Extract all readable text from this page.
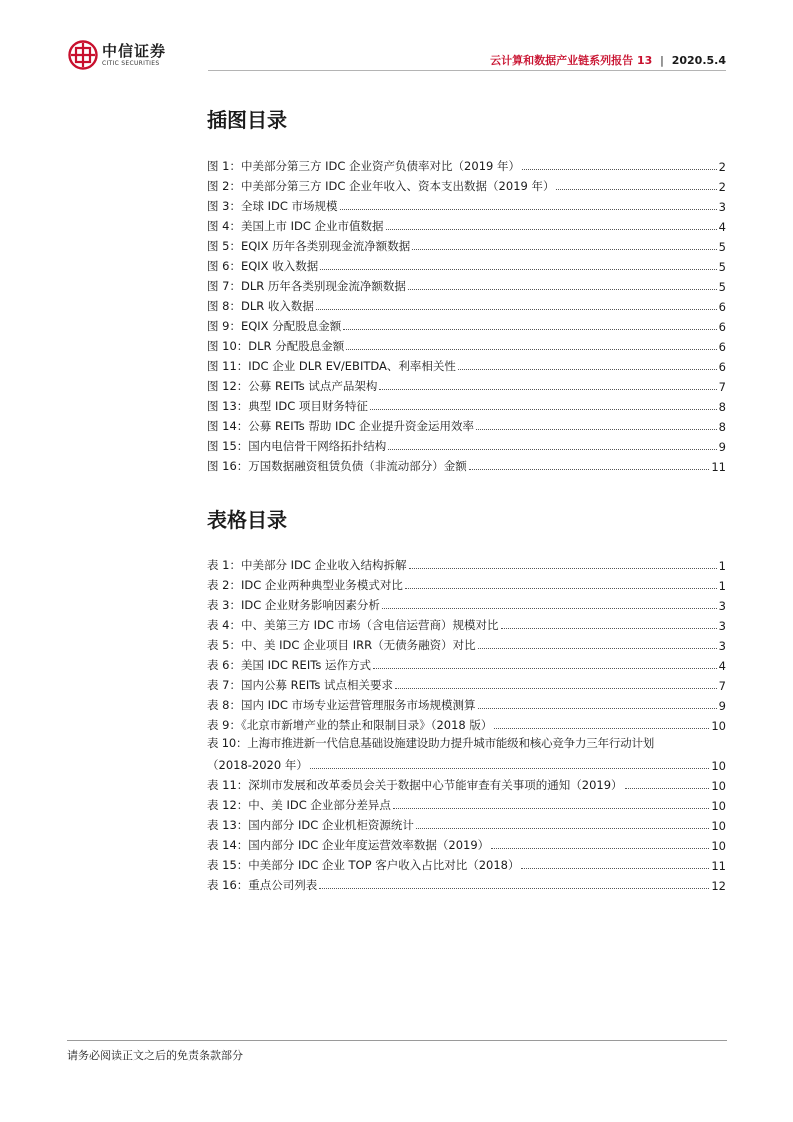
中信证券
CITIC SECURITIES	云计算和数据产业链系列报告 13 | 2020.5.4
插图目录
图 1：中美部分第三方 IDC 企业资产负债率对比（2019 年）	2
图 2：中美部分第三方 IDC 企业年收入、资本支出数据（2019 年）	2
图 3：全球 IDC 市场规模	3
图 4：美国上市 IDC 企业市值数据	4
图 5：EQIX 历年各类别现金流净额数据	5
图 6：EQIX 收入数据	5
图 7：DLR 历年各类别现金流净额数据	5
图 8：DLR 收入数据	6
图 9：EQIX 分配股息金额	6
图 10：DLR 分配股息金额	6
图 11：IDC 企业 DLR EV/EBITDA、利率相关性	6
图 12：公募 REITs 试点产品架构	7
图 13：典型 IDC 项目财务特征	8
图 14：公募 REITs 帮助 IDC 企业提升资金运用效率	8
图 15：国内电信骨干网络拓扑结构	9
图 16：万国数据融资租赁负债（非流动部分）金额	11
表格目录
表 1：中美部分 IDC 企业收入结构拆解	1
表 2：IDC 企业两种典型业务模式对比	1
表 3：IDC 企业财务影响因素分析	3
表 4：中、美第三方 IDC 市场（含电信运营商）规模对比	3
表 5：中、美 IDC 企业项目 IRR（无债务融资）对比	3
表 6：美国 IDC REITs 运作方式	4
表 7：国内公募 REITs 试点相关要求	7
表 8：国内 IDC 市场专业运营管理服务市场规模测算	9
表 9：《北京市新增产业的禁止和限制目录》（2018 版）	10
表 10：上海市推进新一代信息基础设施建设助力提升城市能级和核心竞争力三年行动计划
（2018-2020 年）	10
表 11：深圳市发展和改革委员会关于数据中心节能审查有关事项的通知（2019）	10
表 12：中、美 IDC 企业部分差异点	10
表 13：国内部分 IDC 企业机柜资源统计	10
表 14：国内部分 IDC 企业年度运营效率数据（2019）	10
表 15：中美部分 IDC 企业 TOP 客户收入占比对比（2018）	11
表 16：重点公司列表	12
请务必阅读正文之后的免责条款部分
